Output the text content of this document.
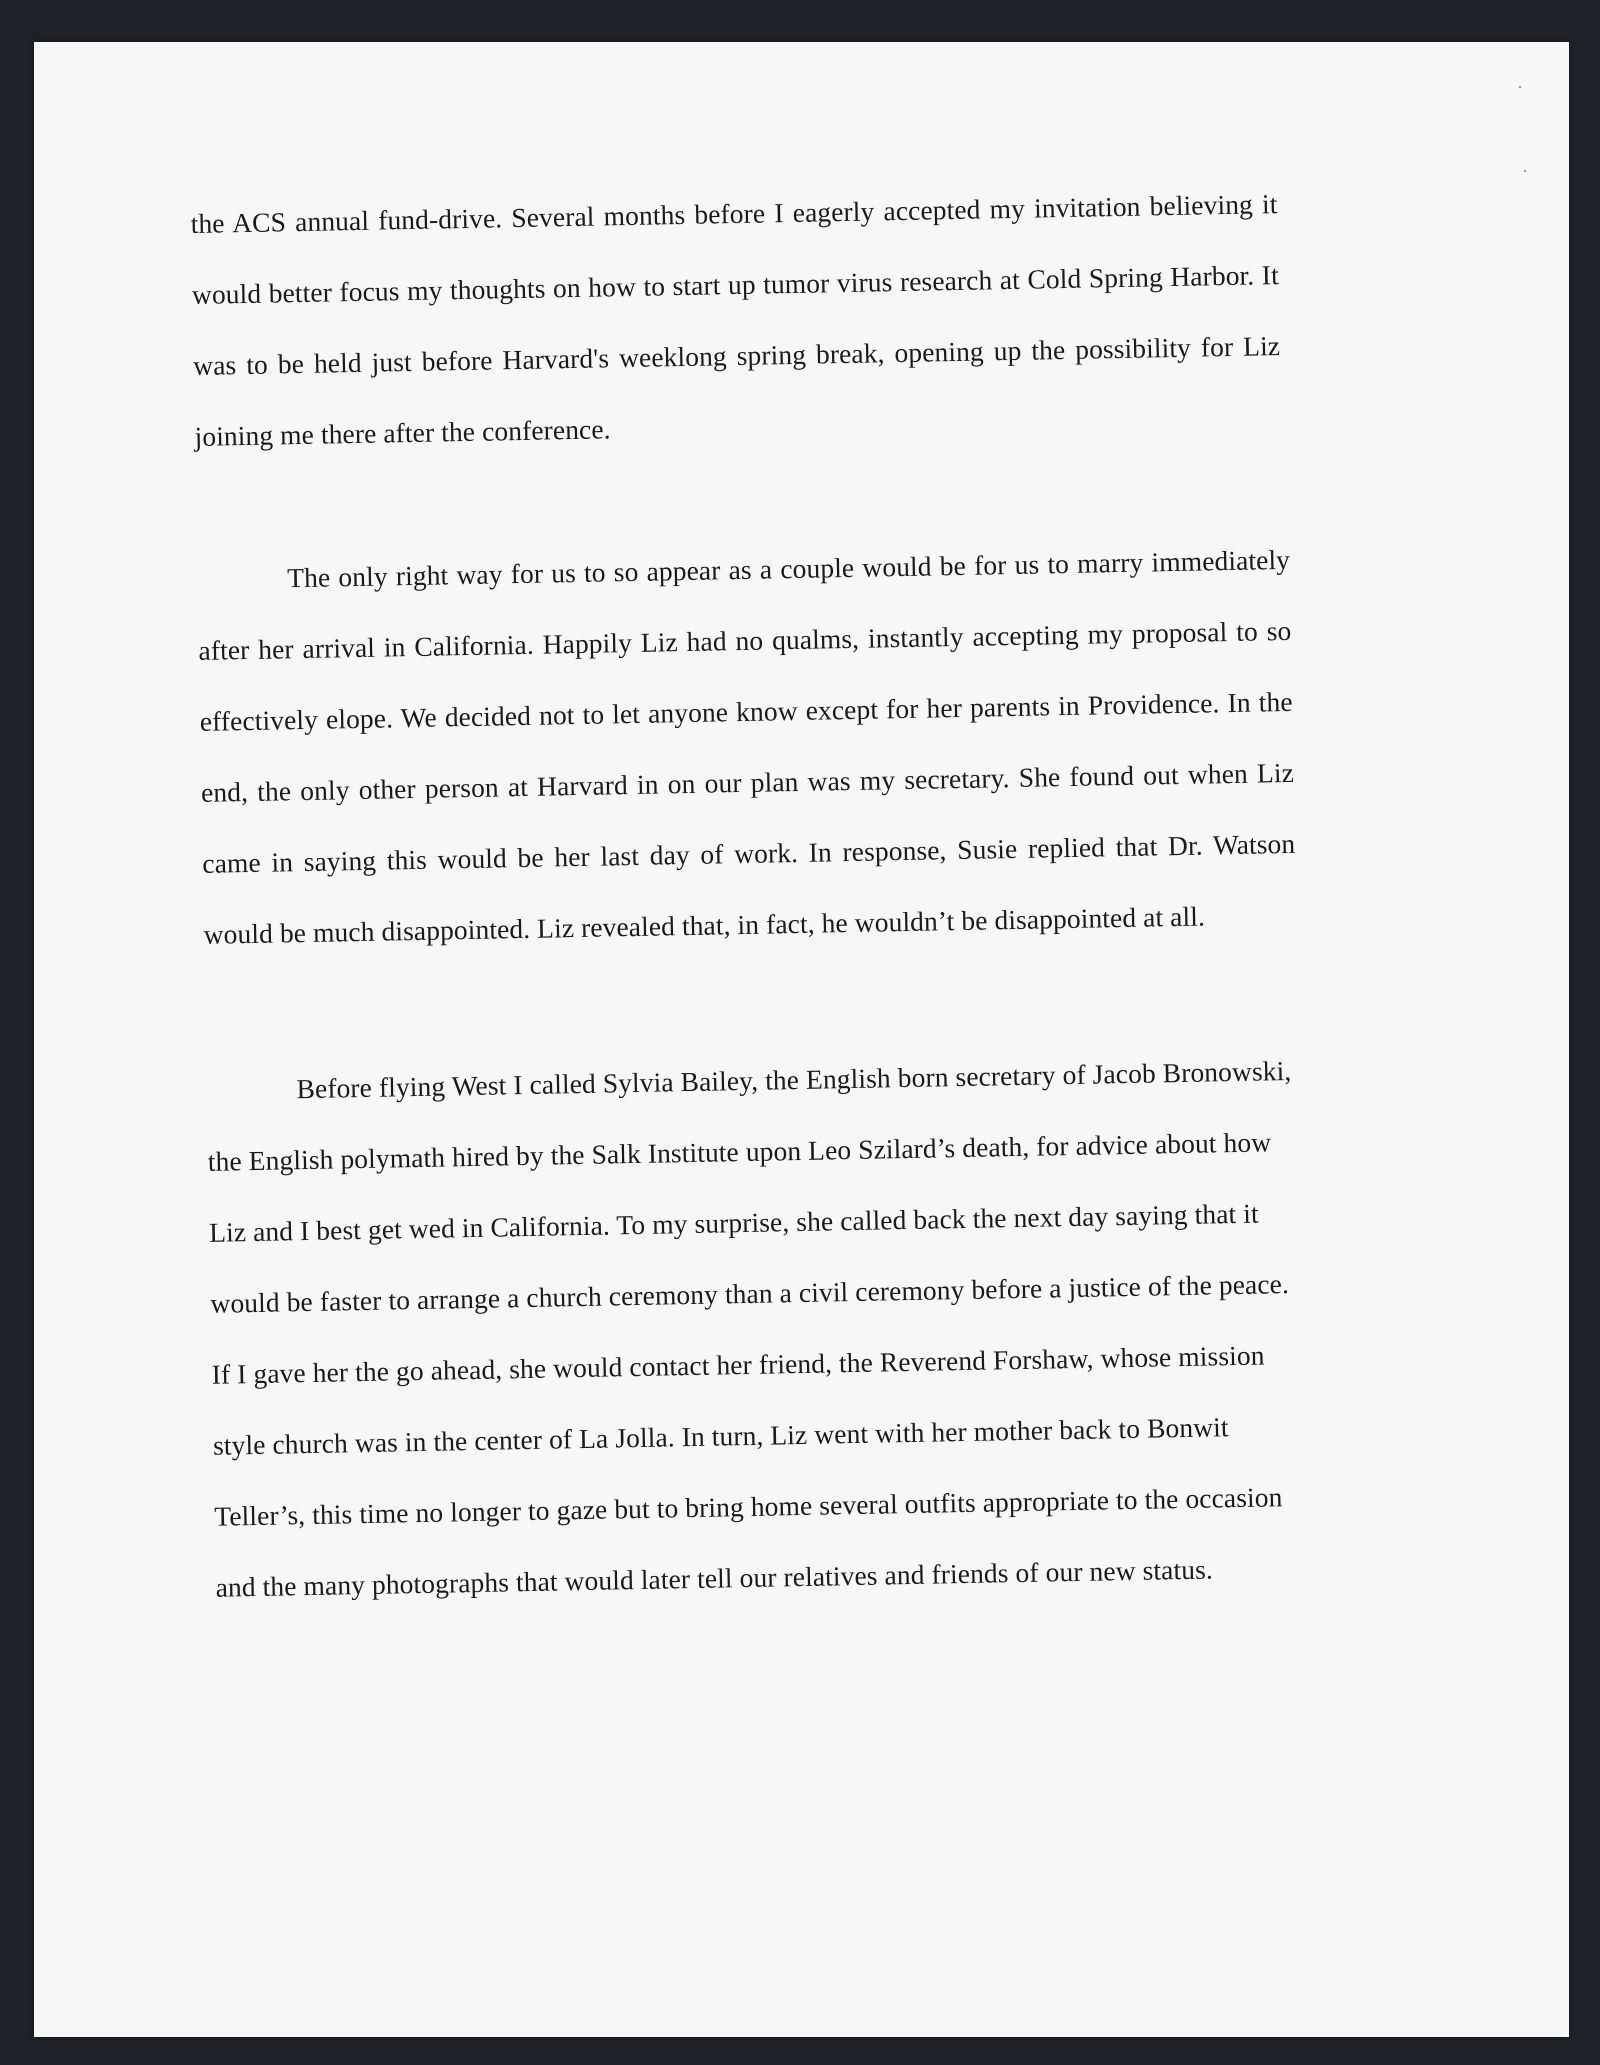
the ACS annual fund-drive. Several months before I eagerly accepted my invitation believing it would better focus my thoughts on how to start up tumor virus research at Cold Spring Harbor. It was to be held just before Harvard's weeklong spring break, opening up the possibility for Liz joining me there after the conference.

The only right way for us to so appear as a couple would be for us to marry immediately after her arrival in California. Happily Liz had no qualms, instantly accepting my proposal to so effectively elope. We decided not to let anyone know except for her parents in Providence. In the end, the only other person at Harvard in on our plan was my secretary. She found out when Liz came in saying this would be her last day of work. In response, Susie replied that Dr. Watson would be much disappointed. Liz revealed that, in fact, he wouldn’t be disappointed at all.

Before flying West I called Sylvia Bailey, the English born secretary of Jacob Bronowski, the English polymath hired by the Salk Institute upon Leo Szilard’s death, for advice about how Liz and I best get wed in California. To my surprise, she called back the next day saying that it would be faster to arrange a church ceremony than a civil ceremony before a justice of the peace. If I gave her the go ahead, she would contact her friend, the Reverend Forshaw, whose mission style church was in the center of La Jolla. In turn, Liz went with her mother back to Bonwit Teller’s, this time no longer to gaze but to bring home several outfits appropriate to the occasion and the many photographs that would later tell our relatives and friends of our new status.
